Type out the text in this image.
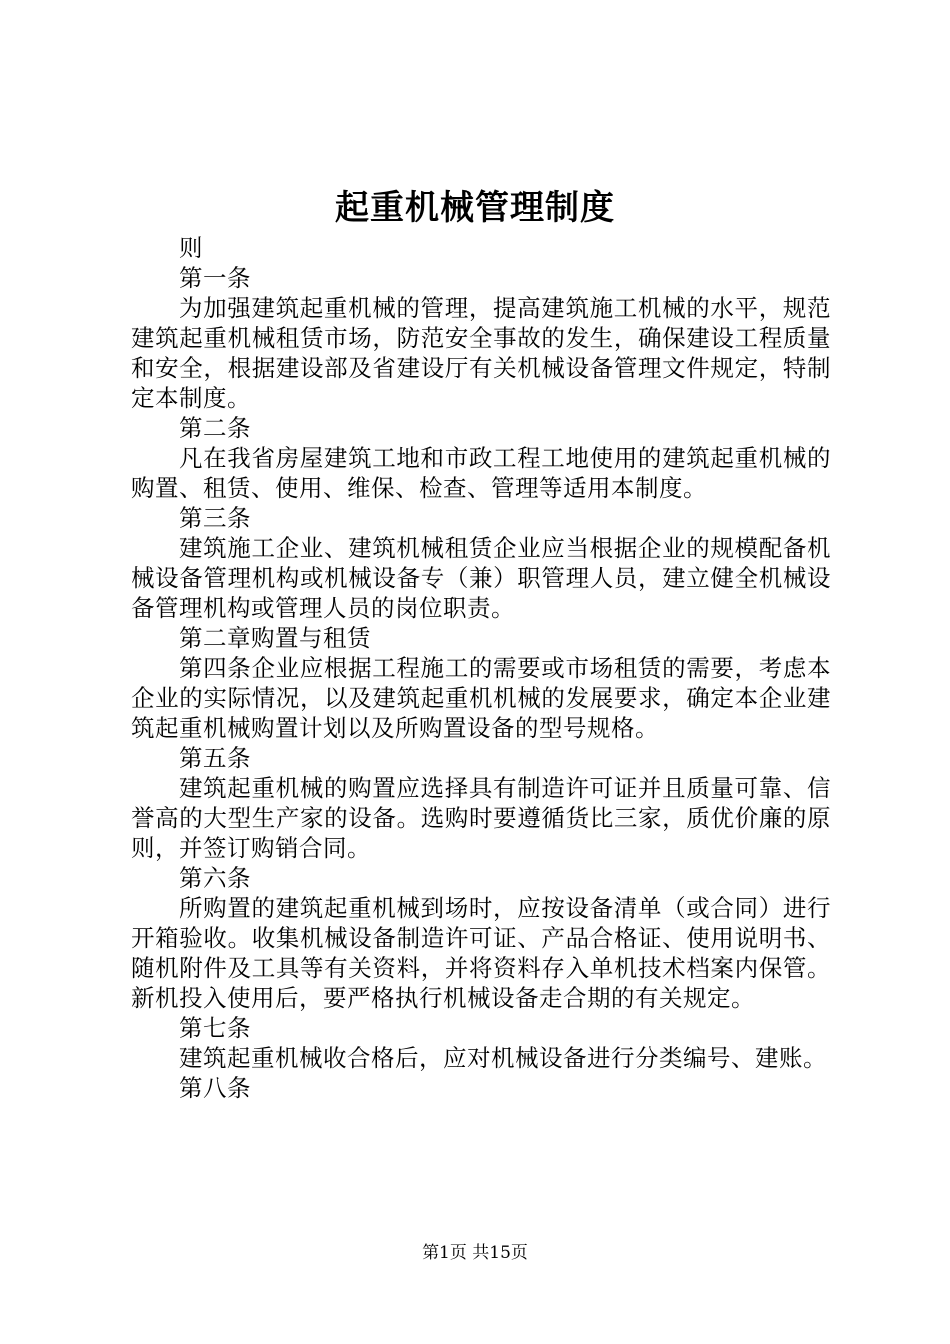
起重机械管理制度
则
第一条
为加强建筑起重机械的管理，提高建筑施工机械的水平，规范建筑起重机械租赁市场，防范安全事故的发生，确保建设工程质量和安全，根据建设部及省建设厅有关机械设备管理文件规定，特制定本制度。
第二条
凡在我省房屋建筑工地和市政工程工地使用的建筑起重机械的购置、租赁、使用、维保、检查、管理等适用本制度。
第三条
建筑施工企业、建筑机械租赁企业应当根据企业的规模配备机械设备管理机构或机械设备专（兼）职管理人员，建立健全机械设备管理机构或管理人员的岗位职责。
第二章购置与租赁
第四条企业应根据工程施工的需要或市场租赁的需要，考虑本企业的实际情况，以及建筑起重机机械的发展要求，确定本企业建筑起重机械购置计划以及所购置设备的型号规格。
第五条
建筑起重机械的购置应选择具有制造许可证并且质量可靠、信誉高的大型生产家的设备。选购时要遵循货比三家，质优价廉的原则，并签订购销合同。
第六条
所购置的建筑起重机械到场时，应按设备清单（或合同）进行开箱验收。收集机械设备制造许可证、产品合格证、使用说明书、随机附件及工具等有关资料，并将资料存入单机技术档案内保管。新机投入使用后，要严格执行机械设备走合期的有关规定。
第七条
建筑起重机械收合格后，应对机械设备进行分类编号、建账。
第八条
第1页 共15页
